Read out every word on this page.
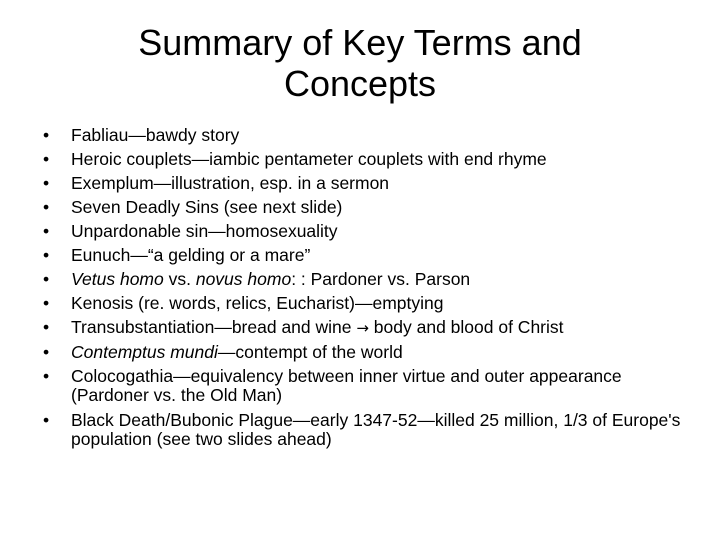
Summary of Key Terms and
Concepts
• Fabliau—bawdy story
• Heroic couplets—iambic pentameter couplets with end rhyme
• Exemplum—illustration, esp. in a sermon
• Seven Deadly Sins (see next slide)
• Unpardonable sin—homosexuality
• Eunuch—“a gelding or a mare”
• Vetus homo vs. novus homo: : Pardoner vs. Parson
• Kenosis (re. words, relics, Eucharist)—emptying
• Transubstantiation—bread and wine → body and blood of Christ
• Contemptus mundi—contempt of the world
• Colocogathia—equivalency between inner virtue and outer appearance (Pardoner vs. the Old Man)
• Black Death/Bubonic Plague—early 1347-52—killed 25 million, 1/3 of Europe's population (see two slides ahead)
